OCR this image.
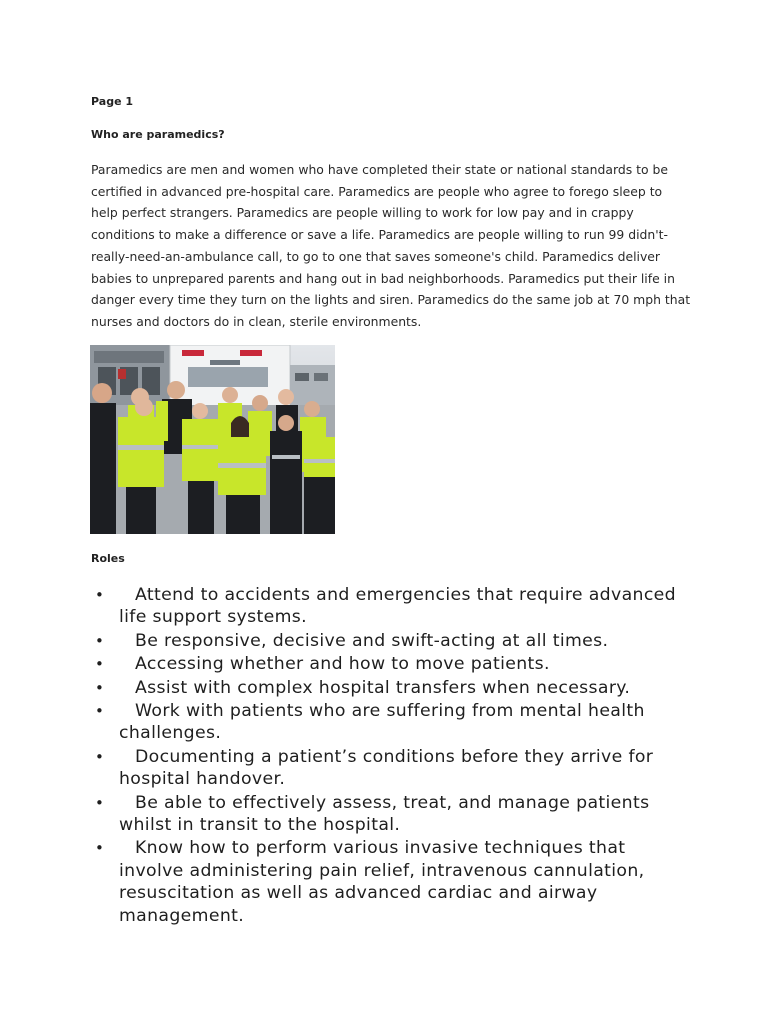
Page 1
Who are paramedics?
Paramedics are men and women who have completed their state or national standards to be
certified in advanced pre-hospital care. Paramedics are people who agree to forego sleep to
help perfect strangers. Paramedics are people willing to work for low pay and in crappy
conditions to make a difference or save a life. Paramedics are people willing to run 99 didn't-
really-need-an-ambulance call, to go to one that saves someone's child. Paramedics deliver
babies to unprepared parents and hang out in bad neighborhoods. Paramedics put their life in
danger every time they turn on the lights and siren. Paramedics do the same job at 70 mph that
nurses and doctors do in clean, sterile environments.
Roles
•	Attend to accidents and emergencies that require advanced life support systems.
•	Be responsive, decisive and swift-acting at all times.
•	Accessing whether and how to move patients.
•	Assist with complex hospital transfers when necessary.
•	Work with patients who are suffering from mental health challenges.
•	Documenting a patient’s conditions before they arrive for hospital handover.
•	Be able to effectively assess, treat, and manage patients whilst in transit to the hospital.
•	Know how to perform various invasive techniques that involve administering pain relief, intravenous cannulation, resuscitation as well as advanced cardiac and airway management.
